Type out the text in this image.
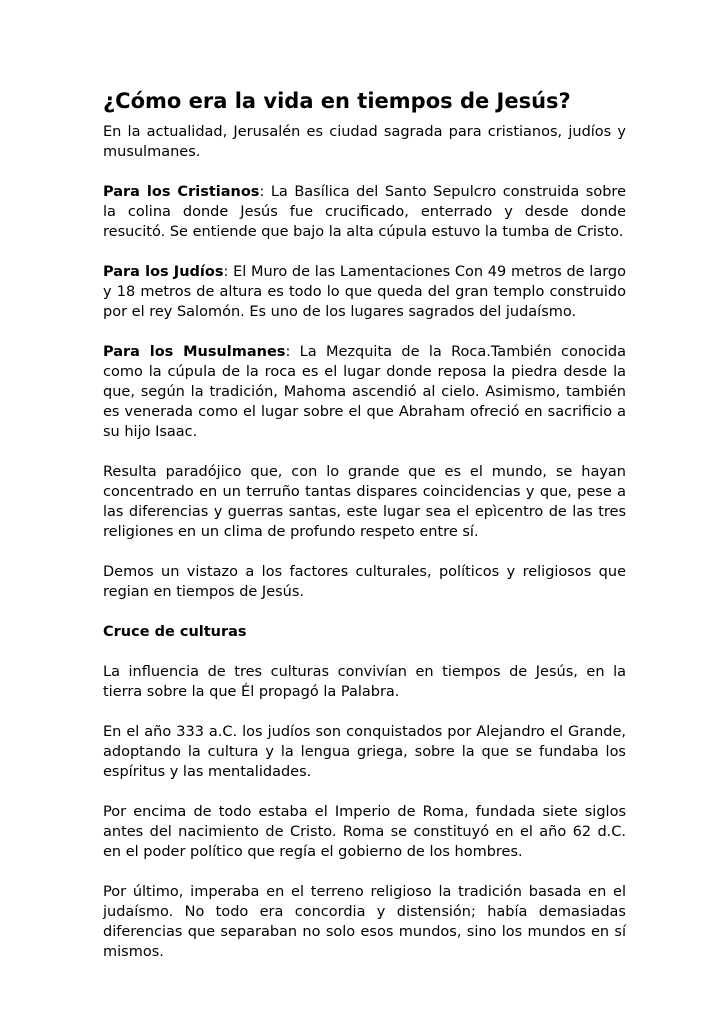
¿Cómo era la vida en tiempos de Jesús?

En la actualidad, Jerusalén es ciudad sagrada para cristianos, judíos y musulmanes.

Para los Cristianos: La Basílica del Santo Sepulcro construida sobre la colina donde Jesús fue crucificado, enterrado y desde donde resucitó. Se entiende que bajo la alta cúpula estuvo la tumba de Cristo.

Para los Judíos: El Muro de las Lamentaciones Con 49 metros de largo y 18 metros de altura es todo lo que queda del gran templo construido por el rey Salomón. Es uno de los lugares sagrados del judaísmo.

Para los Musulmanes: La Mezquita de la Roca.También conocida como la cúpula de la roca es el lugar donde reposa la piedra desde la que, según la tradición, Mahoma ascendió al cielo. Asimismo, también es venerada como el lugar sobre el que Abraham ofreció en sacrificio a su hijo Isaac.

Resulta paradójico que, con lo grande que es el mundo, se hayan concentrado en un terruño tantas dispares coincidencias y que, pese a las diferencias y guerras santas, este lugar sea el epìcentro de las tres religiones en un clima de profundo respeto entre sí.

Demos un vistazo a los factores culturales, políticos y religiosos que regian en tiempos de Jesús.

Cruce de culturas

La influencia de tres culturas convivían en tiempos de Jesús, en la tierra sobre la que Él propagó la Palabra.

En el año 333 a.C. los judíos son conquistados por Alejandro el Grande, adoptando la cultura y la lengua griega, sobre la que se fundaba los espíritus y las mentalidades.

Por encima de todo estaba el Imperio de Roma, fundada siete siglos antes del nacimiento de Cristo. Roma se constituyó en el año 62 d.C. en el poder político que regía el gobierno de los hombres.

Por último, imperaba en el terreno religioso la tradición basada en el judaísmo. No todo era concordia y distensión; había demasiadas diferencias que separaban no solo esos mundos, sino los mundos en sí mismos.
